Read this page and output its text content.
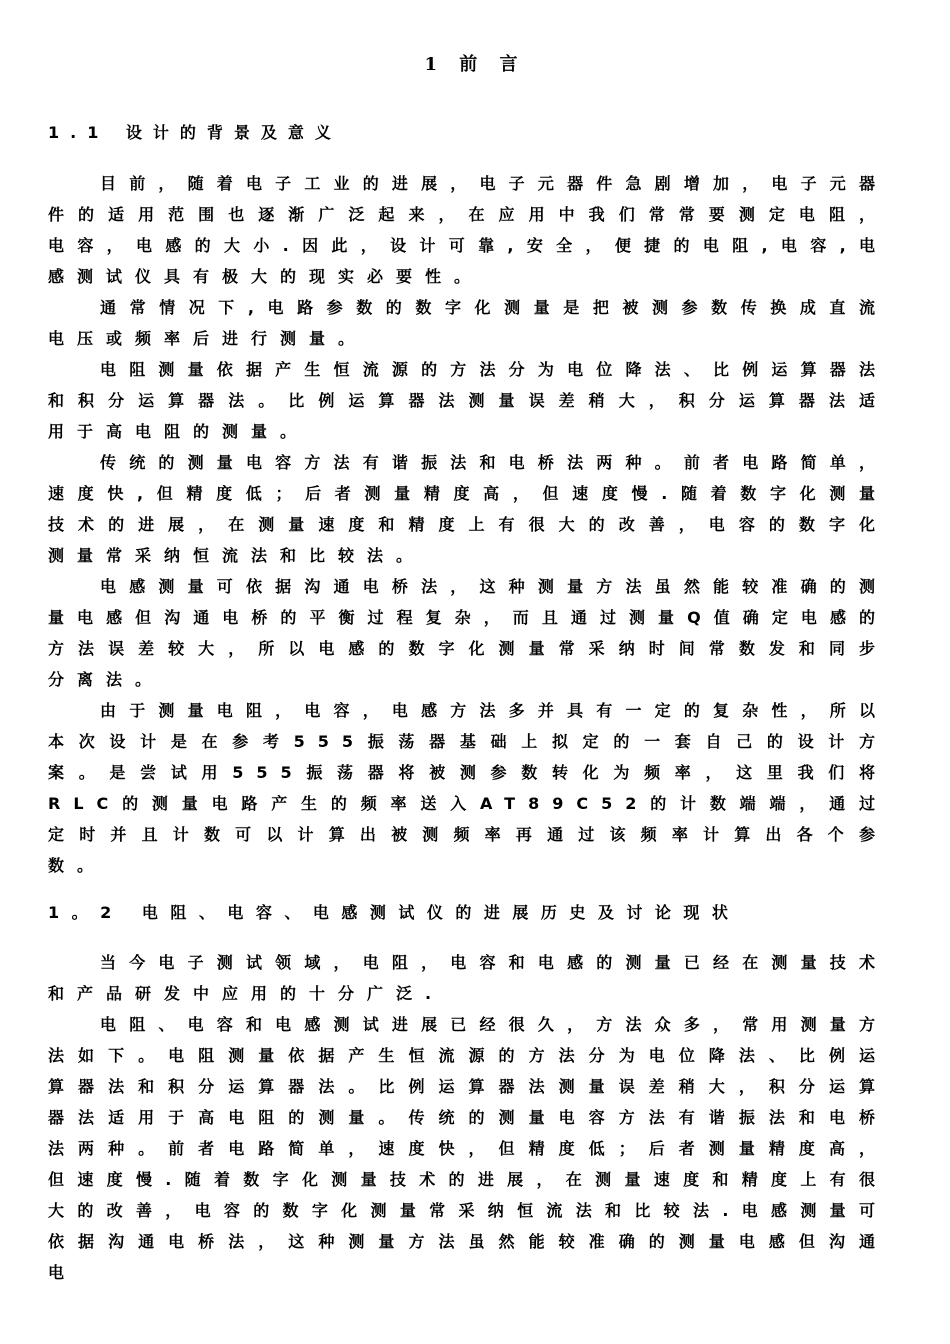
1 前 言
1.1 设计的背景及意义

目前，随着电子工业的进展，电子元器件急剧增加，电子元器件的适用范围也逐渐广泛起来，在应用中我们常常要测定电阻，电容，电感的大小.因此，设计可靠,安全，便捷的电阻,电容,电感测试仪具有极大的现实必要性。

通常情况下,电路参数的数字化测量是把被测参数传换成直流电压或频率后进行测量。

电阻测量依据产生恒流源的方法分为电位降法、比例运算器法和积分运算器法。比例运算器法测量误差稍大，积分运算器法适用于高电阻的测量。

传统的测量电容方法有谐振法和电桥法两种。前者电路简单，速度快,但精度低；后者测量精度高，但速度慢.随着数字化测量技术的进展，在测量速度和精度上有很大的改善，电容的数字化测量常采纳恒流法和比较法。

电感测量可依据沟通电桥法，这种测量方法虽然能较准确的测量电感但沟通电桥的平衡过程复杂，而且通过测量Q值确定电感的方法误差较大，所以电感的数字化测量常采纳时间常数发和同步分离法。

由于测量电阻，电容，电感方法多并具有一定的复杂性，所以本次设计是在参考555振荡器基础上拟定的一套自己的设计方案。是尝试用555振荡器将被测参数转化为频率，这里我们将RLC的测量电路产生的频率送入AT89C52的计数端端，通过定时并且计数可以计算出被测频率再通过该频率计算出各个参数。

1。2 电阻、电容、电感测试仪的进展历史及讨论现状

当今电子测试领域，电阻，电容和电感的测量已经在测量技术和产品研发中应用的十分广泛.

电阻、电容和电感测试进展已经很久，方法众多，常用测量方法如下。电阻测量依据产生恒流源的方法分为电位降法、比例运算器法和积分运算器法。比例运算器法测量误差稍大，积分运算器法适用于高电阻的测量。传统的测量电容方法有谐振法和电桥法两种。前者电路简单，速度快，但精度低；后者测量精度高，但速度慢.随着数字化测量技术的进展，在测量速度和精度上有很大的改善，电容的数字化测量常采纳恒流法和比较法.电感测量可依据沟通电桥法，这种测量方法虽然能较准确的测量电感但沟通电
